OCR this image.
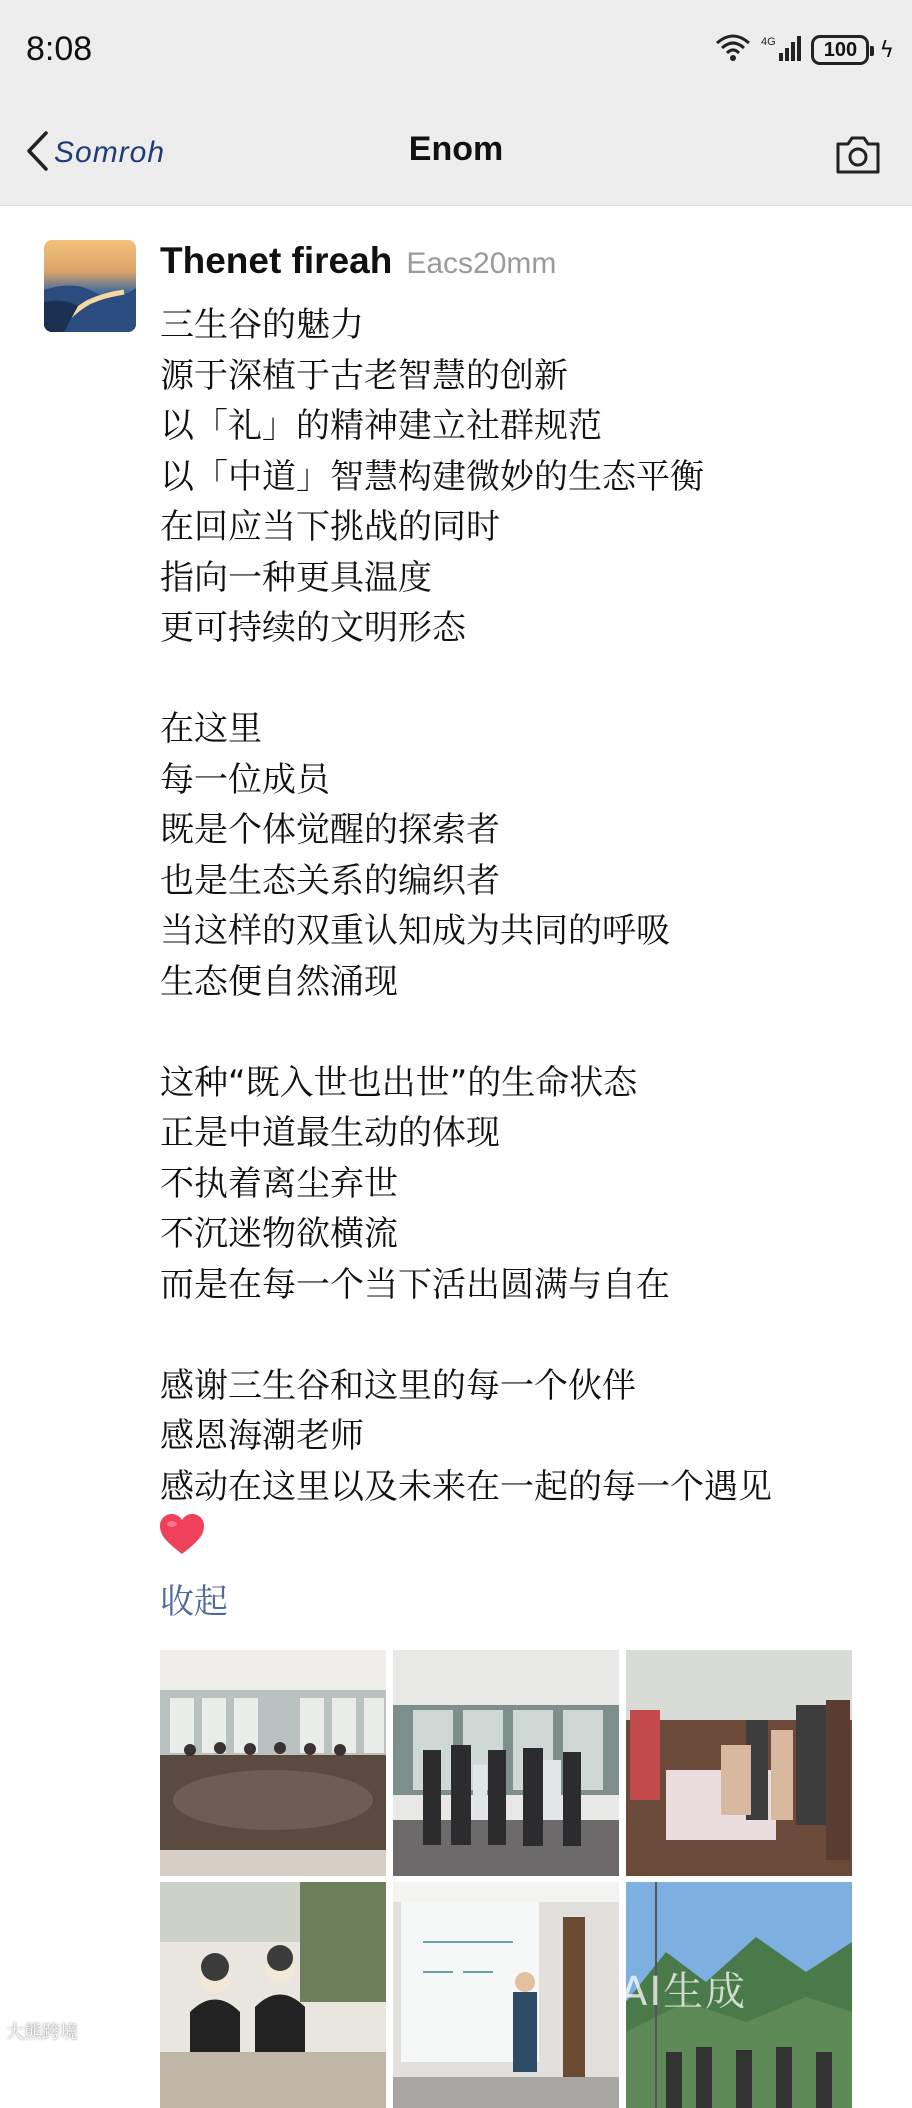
8:08	4G 100 ϟ
Soтroh	Enom
Thenet fireah Eacs20mm
三生谷的魅力
源于深植于古老智慧的创新
以「礼」的精神建立社群规范
以「中道」智慧构建微妙的生态平衡
在回应当下挑战的同时
指向一种更具温度
更可持续的文明形态
在这里
每一位成员
既是个体觉醒的探索者
也是生态关系的编织者
当这样的双重认知成为共同的呼吸
生态便自然涌现
这种“既入世也出世”的生命状态
正是中道最生动的体现
不执着离尘弃世
不沉迷物欲横流
而是在每一个当下活出圆满与自在
感谢三生谷和这里的每一个伙伴
感恩海潮老师
感动在这里以及未来在一起的每一个遇见
收起
AI生成
大熊跨境
